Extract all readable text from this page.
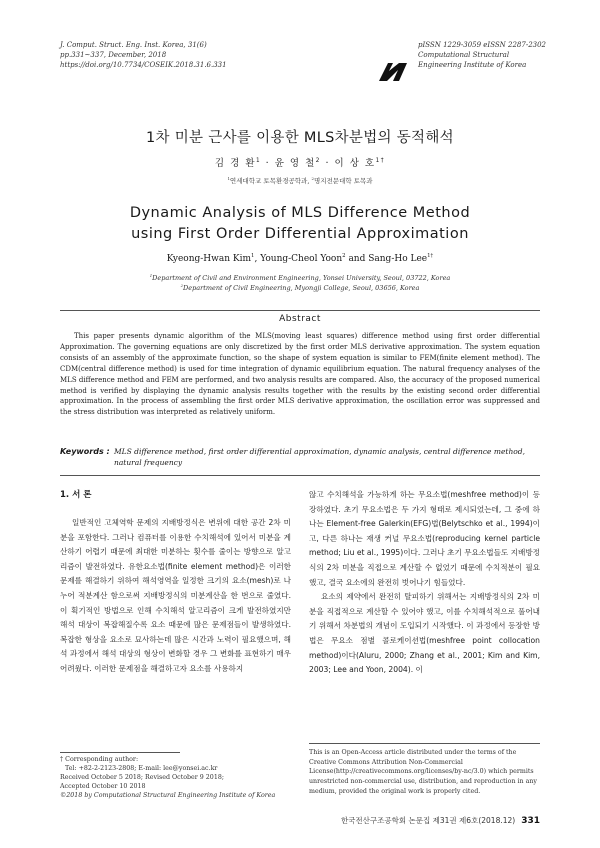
J. Comput. Struct. Eng. Inst. Korea, 31(6)
pp.331~337, December, 2018
https://doi.org/10.7734/COSEIK.2018.31.6.331
pISSN 1229-3059 eISSN 2287-2302
Computational Structural
Engineering Institute of Korea
1차 미분 근사를 이용한 MLS차분법의 동적해석
김 경 환$^1$ · 윤 영 철$^2$ · 이 상 호$^{1\dagger}$
$^1$연세대학교 토목환경공학과, $^2$명지전문대학 토목과
Dynamic Analysis of MLS Difference Method
using First Order Differential Approximation
Kyeong-Hwan Kim$^1$, Young-Cheol Yoon$^2$ and Sang-Ho Lee$^{1\dagger}$
$^1$Department of Civil and Environment Engineering, Yonsei University, Seoul, 03722, Korea
$^2$Department of Civil Engineering, Myongji College, Seoul, 03656, Korea
Abstract
This paper presents dynamic algorithm of the MLS(moving least squares) difference method using first order differential Approximation. The governing equations are only discretized by the first order MLS derivative approximation. The system equation consists of an assembly of the approximate function, so the shape of system equation is similar to FEM(finite element method). The CDM(central difference method) is used for time integration of dynamic equilibrium equation. The natural frequency analyses of the MLS difference method and FEM are performed, and two analysis results are compared. Also, the accuracy of the proposed numerical method is verified by displaying the dynamic analysis results together with the results by the existing second order differential approximation. In the process of assembling the first order MLS derivative approximation, the oscillation error was suppressed and the stress distribution was interpreted as relatively uniform.
Keywords : MLS difference method, first order differential approximation, dynamic analysis, central difference method, natural frequency
1. 서 론

일반적인 고체역학 문제의 지배방정식은 변위에 대한 공간 2차 미분을 포함한다. 그러나 컴퓨터를 이용한 수치해석에 있어서 미분을 계산하기 어렵기 때문에 최대한 미분하는 횟수를 줄이는 방향으로 알고리즘이 발전하였다. 유한요소법(finite element method)은 이러한 문제를 해결하기 위하여 해석영역을 일정한 크기의 요소(mesh)로 나누어 적분계산 함으로써 지배방정식의 미분계산을 한 번으로 줄였다. 이 획기적인 방법으로 인해 수치해석 알고리즘이 크게 발전하였지만 해석 대상이 복잡해질수록 요소 때문에 많은 문제점들이 발생하였다. 복잡한 형상을 요소로 묘사하는데 많은 시간과 노력이 필요했으며, 해석 과정에서 해석 대상의 형상이 변화할 경우 그 변화를 표현하기 매우 어려웠다. 이러한 문제점을 해결하고자 요소를 사용하지

않고 수치해석을 가능하게 하는 무요소법(meshfree method)이 등장하였다. 초기 무요소법은 두 가지 형태로 제시되었는데, 그 중에 하나는 Element-free Galerkin(EFG)법(Belytschko et al., 1994)이고, 다른 하나는 재생 커널 무요소법(reproducing kernel particle method; Liu et al., 1995)이다. 그러나 초기 무요소법들도 지배방정식의 2차 미분을 직접으로 계산할 수 없었기 때문에 수치적분이 필요했고, 결국 요소에의 완전히 벗어나기 힘들었다.

요소의 제약에서 완전히 탈피하기 위해서는 지배방정식의 2차 미분을 직접적으로 계산할 수 있어야 했고, 이를 수치해석적으로 풀어내기 위해서 차분법의 개념이 도입되기 시작했다. 이 과정에서 등장한 방법은 무요소 점별 콜로케이션법(meshfree point collocation method)이다(Aluru, 2000; Zhang et al., 2001; Kim and Kim, 2003; Lee and Yoon, 2004). 이

† Corresponding author:
Tel: +82-2-2123-2808; E-mail: lee@yonsei.ac.kr
Received October 5 2018; Revised October 9 2018;
Accepted October 10 2018
©2018 by Computational Structural Engineering Institute of Korea
This is an Open-Access article distributed under the terms of the Creative Commons Attribution Non-Commercial License(http://creativecommons.org/licenses/by-nc/3.0) which permits unrestricted non-commercial use, distribution, and reproduction in any medium, provided the original work is properly cited.
한국전산구조공학회 논문집 제31권 제6호(2018.12) 331
